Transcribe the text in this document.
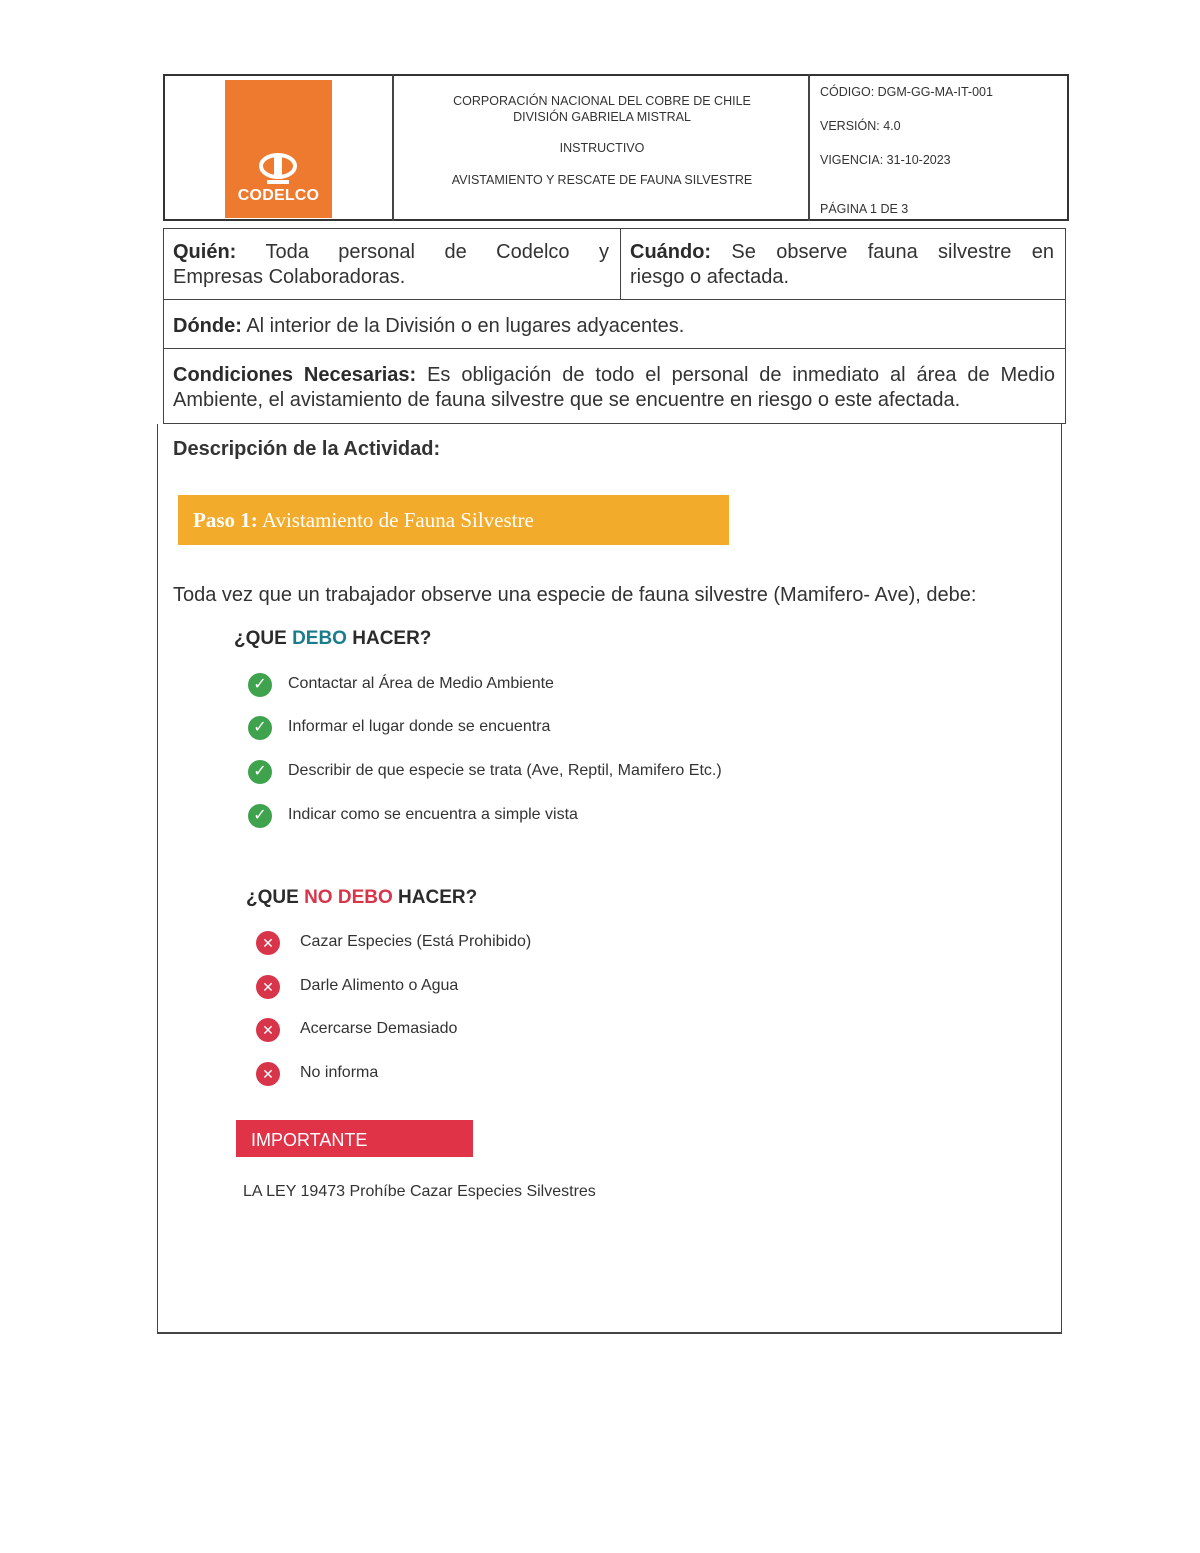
CODELCO
CORPORACIÓN NACIONAL DEL COBRE DE CHILE
DIVISIÓN GABRIELA MISTRAL
INSTRUCTIVO
AVISTAMIENTO Y RESCATE DE FAUNA SILVESTRE
CÓDIGO: DGM-GG-MA-IT-001
VERSIÓN: 4.0
VIGENCIA: 31-10-2023
PÁGINA 1 DE 3
Quién: Toda personal de Codelco y
Empresas Colaboradoras.
Cuándo: Se observe fauna silvestre en
riesgo o afectada.
Dónde: Al interior de la División o en lugares adyacentes.
Condiciones Necesarias: Es obligación de todo el personal de inmediato al área de Medio
Ambiente, el avistamiento de fauna silvestre que se encuentre en riesgo o este afectada.
Descripción de la Actividad:
Paso 1: Avistamiento de Fauna Silvestre
Toda vez que un trabajador observe una especie de fauna silvestre (Mamifero- Ave), debe:
¿QUE DEBO HACER?
✓	Contactar al Área de Medio Ambiente
✓	Informar el lugar donde se encuentra
✓	Describir de que especie se trata (Ave, Reptil, Mamifero Etc.)
✓	Indicar como se encuentra a simple vista
¿QUE NO DEBO HACER?
✕	Cazar Especies (Está Prohibido)
✕	Darle Alimento o Agua
✕	Acercarse Demasiado
✕	No informa
IMPORTANTE
LA LEY 19473 Prohíbe Cazar Especies Silvestres
